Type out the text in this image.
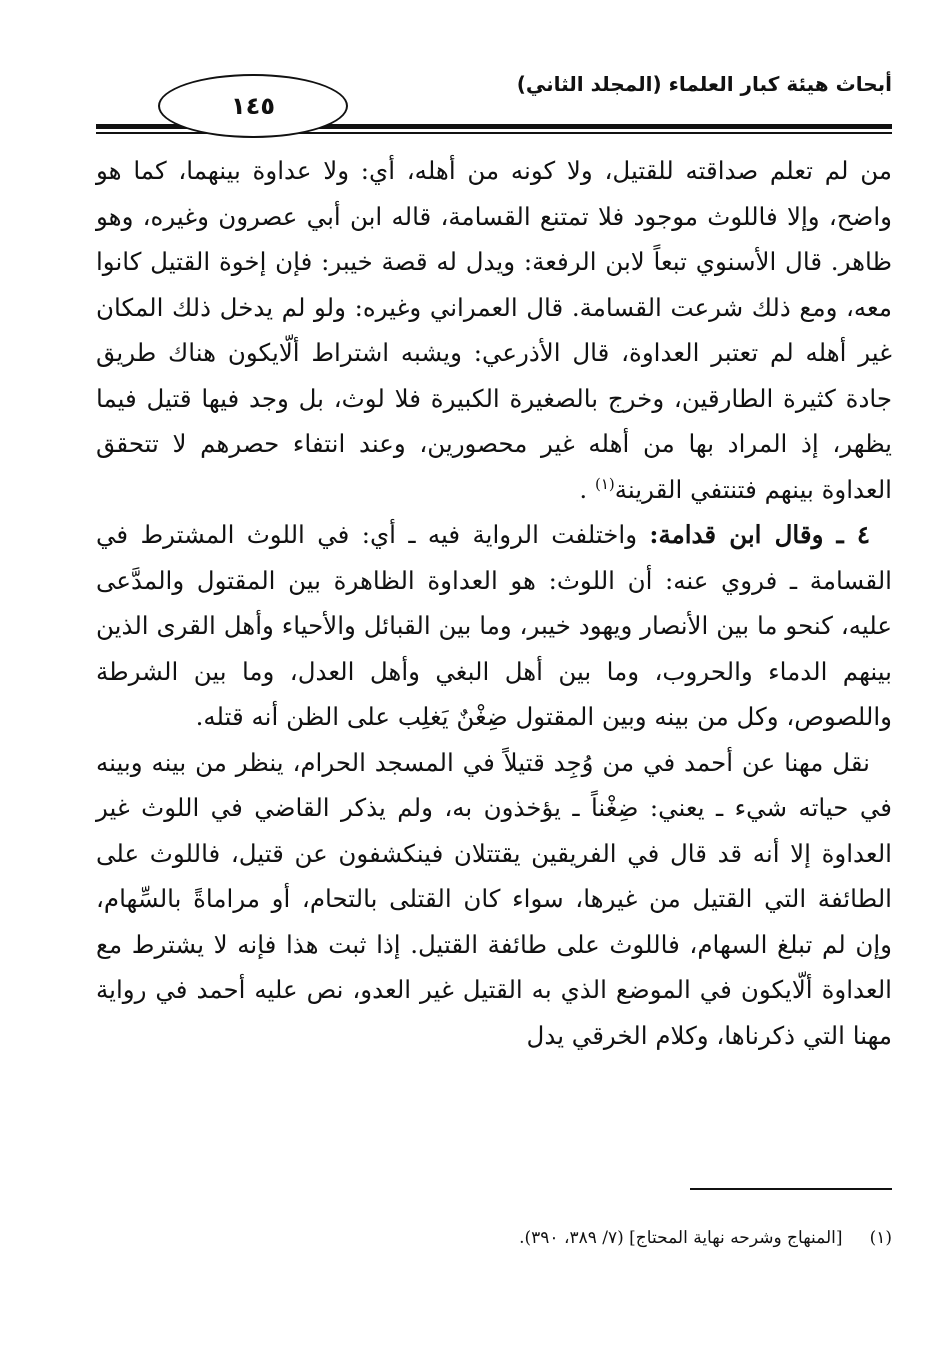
أبحاث هيئة كبار العلماء (المجلد الثاني)
١٤٥

من لم تعلم صداقته للقتيل، ولا كونه من أهله، أي: ولا عداوة بينهما، كما هو واضح، وإلا فاللوث موجود فلا تمتنع القسامة، قاله ابن أبي عصرون وغيره، وهو ظاهر. قال الأسنوي تبعاً لابن الرفعة: ويدل له قصة خيبر: فإن إخوة القتيل كانوا معه، ومع ذلك شرعت القسامة. قال العمراني وغيره: ولو لم يدخل ذلك المكان غير أهله لم تعتبر العداوة، قال الأذرعي: ويشبه اشتراط ألّايكون هناك طريق جادة كثيرة الطارقين، وخرج بالصغيرة الكبيرة فلا لوث، بل وجد فيها قتيل فيما يظهر، إذ المراد بها من أهله غير محصورين، وعند انتفاء حصرهم لا تتحقق العداوة بينهم فتنتفي القرينة$^{(١)}$ .

٤ ـ وقال ابن قدامة: واختلفت الرواية فيه ـ أي: في اللوث المشترط في القسامة ـ فروي عنه: أن اللوث: هو العداوة الظاهرة بين المقتول والمدَّعى عليه، كنحو ما بين الأنصار ويهود خيبر، وما بين القبائل والأحياء وأهل القرى الذين بينهم الدماء والحروب، وما بين أهل البغي وأهل العدل، وما بين الشرطة واللصوص، وكل من بينه وبين المقتول ضِغْنٌ يَغلِب على الظن أنه قتله.

نقل مهنا عن أحمد في من وُجِد قتيلاً في المسجد الحرام، ينظر من بينه وبينه في حياته شيء ـ يعني: ضِغْناً ـ يؤخذون به، ولم يذكر القاضي في اللوث غير العداوة إلا أنه قد قال في الفريقين يقتتلان فينكشفون عن قتيل، فاللوث على الطائفة التي القتيل من غيرها، سواء كان القتلى بالتحام، أو مراماةً بالسِّهام، وإن لم تبلغ السهام، فاللوث على طائفة القتيل. إذا ثبت هذا فإنه لا يشترط مع العداوة ألّايكون في الموضع الذي به القتيل غير العدو، نص عليه أحمد في رواية مهنا التي ذكرناها، وكلام الخرقي يدل

(١)     [المنهاج وشرحه نهاية المحتاج] (٧/ ٣٨٩، ٣٩٠).
